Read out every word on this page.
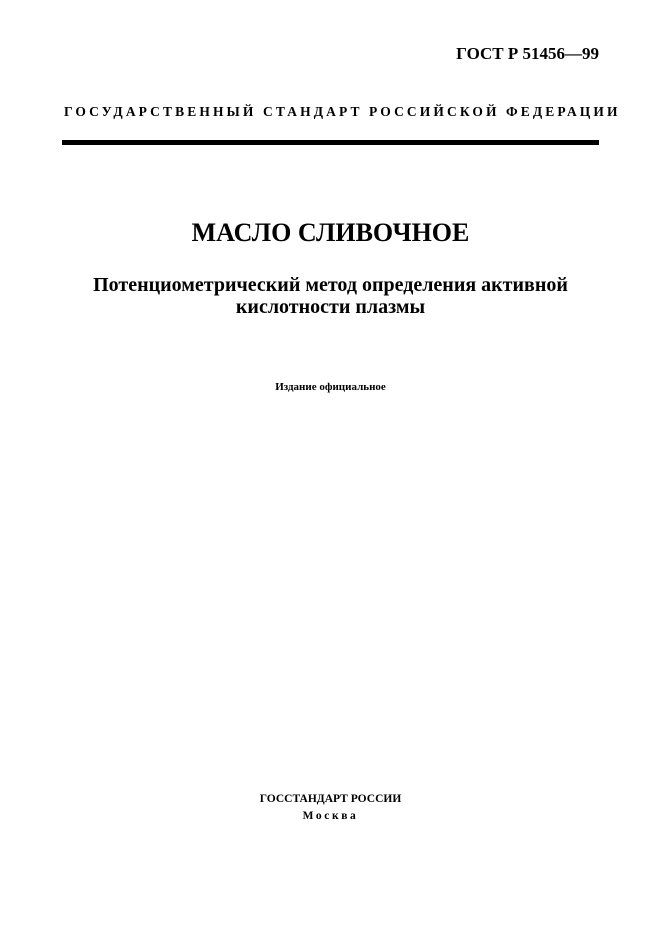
ГОСТ Р 51456—99
ГОСУДАРСТВЕННЫЙ СТАНДАРТ РОССИЙСКОЙ ФЕДЕРАЦИИ
МАСЛО СЛИВОЧНОЕ
Потенциометрический метод определения активной
кислотности плазмы
Издание официальное
ГОССТАНДАРТ РОССИИ
Москва
